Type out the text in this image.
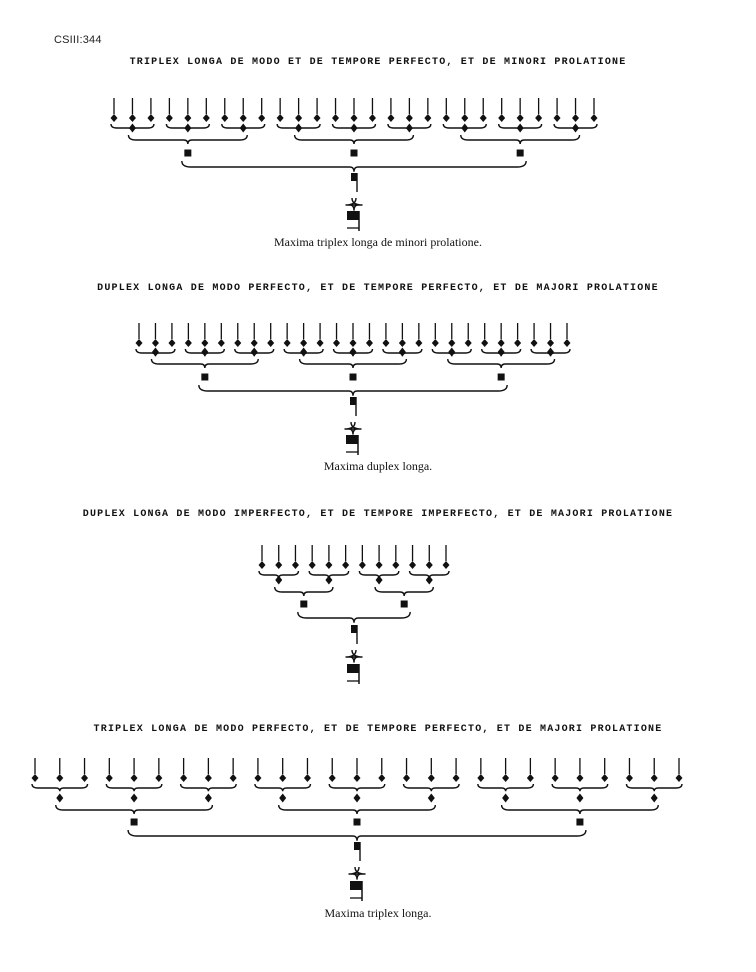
CSIII:344
TRIPLEX LONGA DE MODO ET DE TEMPORE PERFECTO, ET DE MINORI PROLATIONE
Maxima triplex longa de minori prolatione.
DUPLEX LONGA DE MODO PERFECTO, ET DE TEMPORE PERFECTO, ET DE MAJORI PROLATIONE
Maxima duplex longa.
DUPLEX LONGA DE MODO IMPERFECTO, ET DE TEMPORE IMPERFECTO, ET DE MAJORI PROLATIONE
TRIPLEX LONGA DE MODO PERFECTO, ET DE TEMPORE PERFECTO, ET DE MAJORI PROLATIONE
Maxima triplex longa.
